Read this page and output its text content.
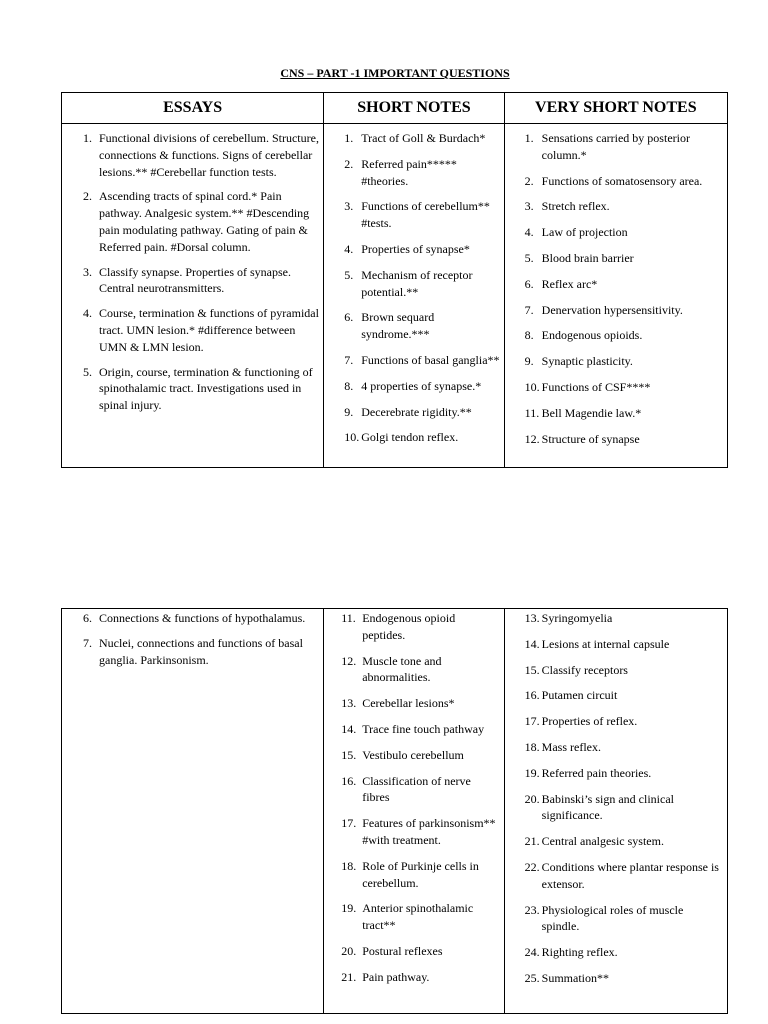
CNS – PART -1 IMPORTANT QUESTIONS
ESSAYS
1. Functional divisions of cerebellum. Structure, connections & functions. Signs of cerebellar lesions.** #Cerebellar function tests.
2. Ascending tracts of spinal cord.* Pain pathway. Analgesic system.** #Descending pain modulating pathway. Gating of pain & Referred pain. #Dorsal column.
3. Classify synapse. Properties of synapse. Central neurotransmitters.
4. Course, termination & functions of pyramidal tract. UMN lesion.* #difference between UMN & LMN lesion.
5. Origin, course, termination & functioning of spinothalamic tract. Investigations used in spinal injury.
SHORT NOTES
1. Tract of Goll & Burdach*
2. Referred pain***** #theories.
3. Functions of cerebellum** #tests.
4. Properties of synapse*
5. Mechanism of receptor potential.**
6. Brown sequard syndrome.***
7. Functions of basal ganglia**
8. 4 properties of synapse.*
9. Decerebrate rigidity.**
10. Golgi tendon reflex.
VERY SHORT NOTES
1. Sensations carried by posterior column.*
2. Functions of somatosensory area.
3. Stretch reflex.
4. Law of projection
5. Blood brain barrier
6. Reflex arc*
7. Denervation hypersensitivity.
8. Endogenous opioids.
9. Synaptic plasticity.
10. Functions of CSF****
11. Bell Magendie law.*
12. Structure of synapse
6. Connections & functions of hypothalamus.
7. Nuclei, connections and functions of basal ganglia. Parkinsonism.
11. Endogenous opioid peptides.
12. Muscle tone and abnormalities.
13. Cerebellar lesions*
14. Trace fine touch pathway
15. Vestibulo cerebellum
16. Classification of nerve fibres
17. Features of parkinsonism** #with treatment.
18. Role of Purkinje cells in cerebellum.
19. Anterior spinothalamic tract**
20. Postural reflexes
21. Pain pathway.
13. Syringomyelia
14. Lesions at internal capsule
15. Classify receptors
16. Putamen circuit
17. Properties of reflex.
18. Mass reflex.
19. Referred pain theories.
20. Babinski’s sign and clinical significance.
21. Central analgesic system.
22. Conditions where plantar response is extensor.
23. Physiological roles of muscle spindle.
24. Righting reflex.
25. Summation**
